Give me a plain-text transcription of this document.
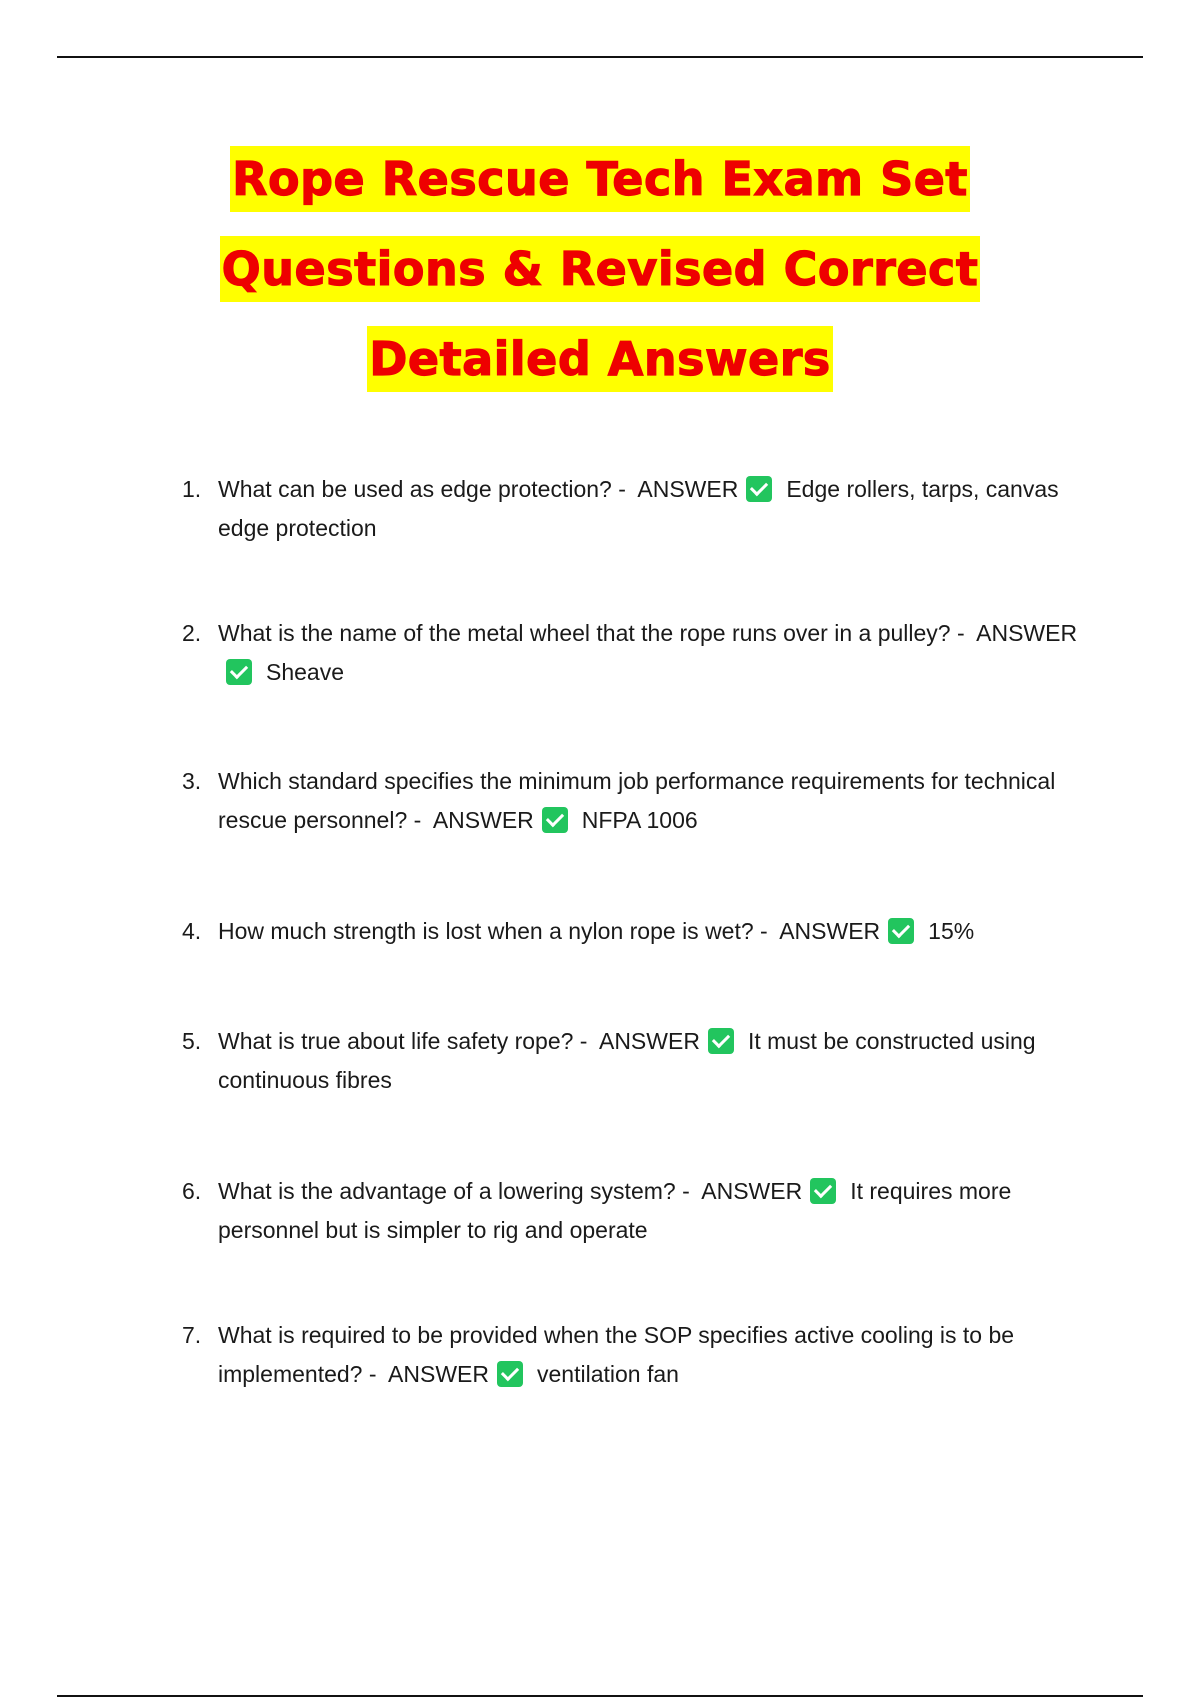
Rope Rescue Tech Exam Set
Questions & Revised Correct
Detailed Answers
1. What can be used as edge protection? - ANSWER Edge rollers, tarps, canvas edge protection
2. What is the name of the metal wheel that the rope runs over in a pulley? - ANSWERSheave
3. Which standard specifies the minimum job performance requirements for technical rescue personnel? - ANSWER NFPA 1006
4. How much strength is lost when a nylon rope is wet? - ANSWER 15%
5. What is true about life safety rope? - ANSWER It must be constructed using continuous fibres
6. What is the advantage of a lowering system? - ANSWER It requires more personnel but is simpler to rig and operate
7. What is required to be provided when the SOP specifies active cooling is to be implemented? - ANSWER ventilation fan
